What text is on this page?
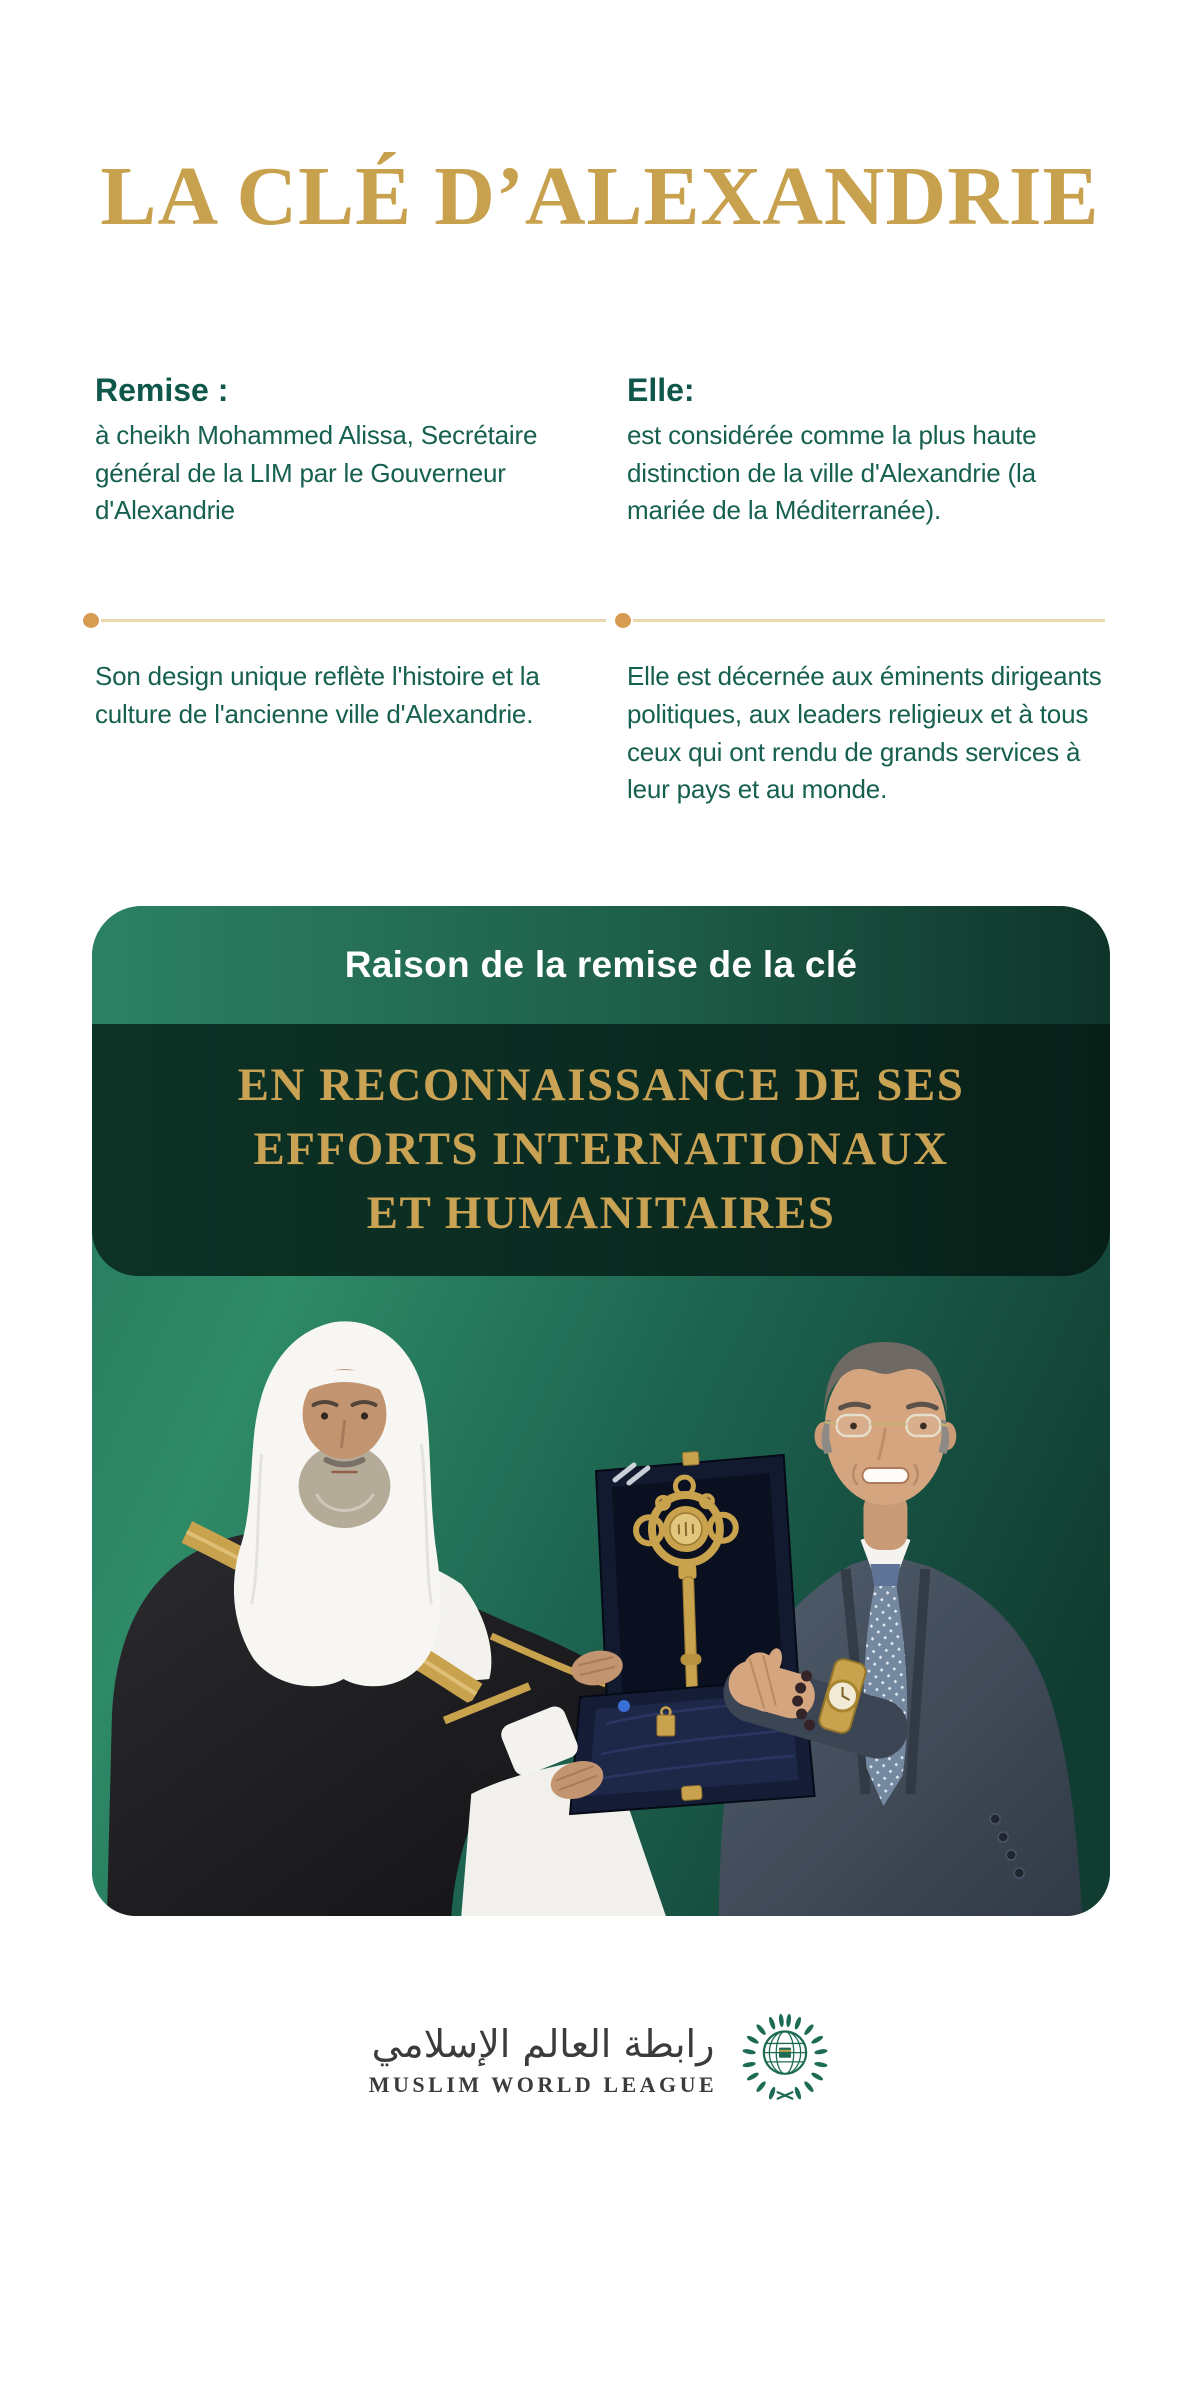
LA CLÉ D’ALEXANDRIE
Remise :

à cheikh Mohammed Alissa, Secrétaire général de la LIM par le Gouverneur d'Alexandrie

Elle:

est considérée comme la plus haute distinction de la ville d'Alexandrie (la mariée de la Méditerranée).

Son design unique reflète l'histoire et la culture de l'ancienne ville d'Alexandrie.

Elle est décernée aux éminents dirigeants politiques, aux leaders religieux et à tous ceux qui ont rendu de grands services à leur pays et au monde.

Raison de la remise de la clé
EN RECONNAISSANCE DE SES
EFFORTS INTERNATIONAUX
ET HUMANITAIRES
رابطة العالم الإسلامي
MUSLIM WORLD LEAGUE
